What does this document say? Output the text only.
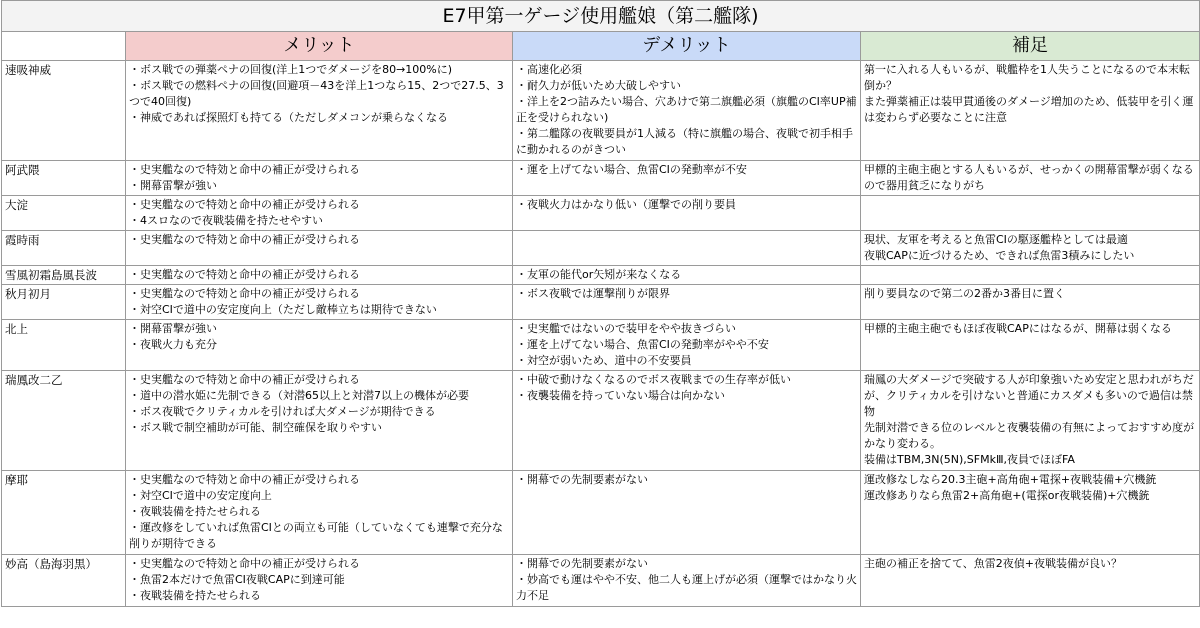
E7甲第一ゲージ使用艦娘（第二艦隊)			
	メリット	デメリット	補足
速吸神威	・ボス戦での弾薬ペナの回復(洋上1つでダメージを80→100%に)
・ボス戦での燃料ペナの回復(回避項－43を洋上1つなら15、2つで27.5、3つで40回復)
・神威であれば探照灯も持てる（ただしダメコンが乗らなくなる	・高速化必須
・耐久力が低いため大破しやすい
・洋上を2つ詰みたい場合、穴あけで第二旗艦必須（旗艦のCI率UP補正を受けられない)
・第二艦隊の夜戦要員が1人減る（特に旗艦の場合、夜戦で初手相手に動かれるのがきつい	第一に入れる人もいるが、戦艦枠を1人失うことになるので本末転倒か？
また弾薬補正は装甲貫通後のダメージ増加のため、低装甲を引く運は変わらず必要なことに注意

阿武隈	・史実艦なので特効と命中の補正が受けられる
・開幕雷撃が強い	・運を上げてない場合、魚雷CIの発動率が不安	甲標的主砲主砲とする人もいるが、せっかくの開幕雷撃が弱くなるので器用貧乏になりがち

大淀	・史実艦なので特効と命中の補正が受けられる
・4スロなので夜戦装備を持たせやすい	・夜戦火力はかなり低い（運撃での削り要員	

霞時雨	・史実艦なので特効と命中の補正が受けられる		現状、友軍を考えると魚雷CIの駆逐艦枠としては最適
夜戦CAPに近づけるため、できれば魚雷3積みにしたい

雪風初霜島風長波	・史実艦なので特効と命中の補正が受けられる	・友軍の能代or矢矧が来なくなる	

秋月初月	・史実艦なので特効と命中の補正が受けられる
・対空CIで道中の安定度向上（ただし敵棒立ちは期待できない	・ボス夜戦では運撃削りが限界	削り要員なので第二の2番か3番目に置く

北上	・開幕雷撃が強い
・夜戦火力も充分	・史実艦ではないので装甲をやや抜きづらい
・運を上げてない場合、魚雷CIの発動率がやや不安
・対空が弱いため、道中の不安要員	甲標的主砲主砲でもほぼ夜戦CAPにはなるが、開幕は弱くなる

瑞鳳改二乙	・史実艦なので特効と命中の補正が受けられる
・道中の潜水姫に先制できる（対潜65以上と対潜7以上の機体が必要
・ボス夜戦でクリティカルを引ければ大ダメージが期待できる
・ボス戦で制空補助が可能、制空確保を取りやすい	・中破で動けなくなるのでボス夜戦までの生存率が低い
・夜襲装備を持っていない場合は向かない	瑞鳳の大ダメージで突破する人が印象強いため安定と思われがちだが、クリティカルを引けないと普通にカスダメも多いので過信は禁物
先制対潜できる位のレベルと夜襲装備の有無によっておすすめ度がかなり変わる。
装備はTBM,3N(5N),SFMkⅢ,夜員でほぼFA

摩耶	・史実艦なので特効と命中の補正が受けられる
・対空CIで道中の安定度向上
・夜戦装備を持たせられる
・運改修をしていれば魚雷CIとの両立も可能（していなくても連撃で充分な削りが期待できる	・開幕での先制要素がない	運改修なしなら20.3主砲+高角砲+電探+夜戦装備+穴機銃
運改修ありなら魚雷2+高角砲+(電探or夜戦装備)+穴機銃

妙高（島海羽黒）	・史実艦なので特効と命中の補正が受けられる
・魚雷2本だけで魚雷CI夜戦CAPに到達可能
・夜戦装備を持たせられる	・開幕での先制要素がない
・妙高でも運はやや不安、他二人も運上げが必須（運撃ではかなり火力不足	主砲の補正を捨てて、魚雷2夜偵+夜戦装備が良い？
